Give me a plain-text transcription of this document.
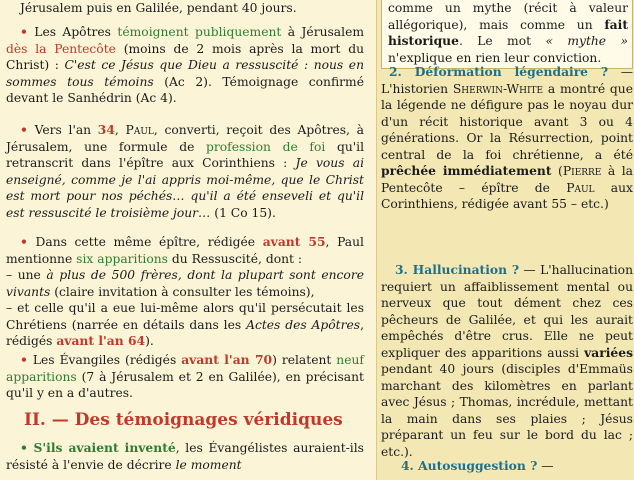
Jérusalem puis en Galilée, pendant 40 jours.

• Les Apôtres témoignent publiquement à Jérusalem dès la Pentecôte (moins de 2 mois après la mort du Christ) : C'est ce Jésus que Dieu a ressuscité : nous en sommes tous témoins (Ac 2). Témoignage confirmé devant le Sanhédrin (Ac 4).

• Vers l'an 34, Paul, converti, reçoit des Apôtres, à Jérusalem, une formule de profession de foi qu'il retranscrit dans l'épître aux Corinthiens : Je vous ai enseigné, comme je l'ai appris moi-même, que le Christ est mort pour nos péchés… qu'il a été enseveli et qu'il est ressuscité le troisième jour… (1 Co 15).

• Dans cette même épître, rédigée avant 55, Paul mentionne six apparitions du Ressuscité, dont :
– une à plus de 500 frères, dont la plupart sont encore vivants (claire invitation à consulter les témoins),
– et celle qu'il a eue lui-même alors qu'il persécutait les Chrétiens (narrée en détails dans les Actes des Apôtres, rédigés avant l'an 64).

• Les Évangiles (rédigés avant l'an 70) relatent neuf apparitions (7 à Jérusalem et 2 en Galilée), en précisant qu'il y en a d'autres.

II. — Des témoignages véridiques

• S'ils avaient inventé, les Évangélistes auraient-ils résisté à l'envie de décrire le moment

comme un mythe (récit à valeur allégorique), mais comme un fait historique. Le mot « mythe » n'explique en rien leur conviction.

2. Déformation légendaire ? — L'historien Sherwin-White a montré que la légende ne défigure pas le noyau dur d'un récit historique avant 3 ou 4 générations. Or la Résurrection, point central de la foi chrétienne, a été prêchée immédiatement (Pierre à la Pentecôte – épître de Paul aux Corinthiens, rédigée avant 55 – etc.)

3. Hallucination ? — L'hallucination requiert un affaiblissement mental ou nerveux que tout dément chez ces pêcheurs de Galilée, et qui les aurait empêchés d'être crus. Elle ne peut expliquer des apparitions aussi variées pendant 40 jours (disciples d'Emmaüs marchant des kilomètres en parlant avec Jésus ; Thomas, incrédule, mettant la main dans ses plaies ; Jésus préparant un feu sur le bord du lac ; etc.).

4. Autosuggestion ? —
